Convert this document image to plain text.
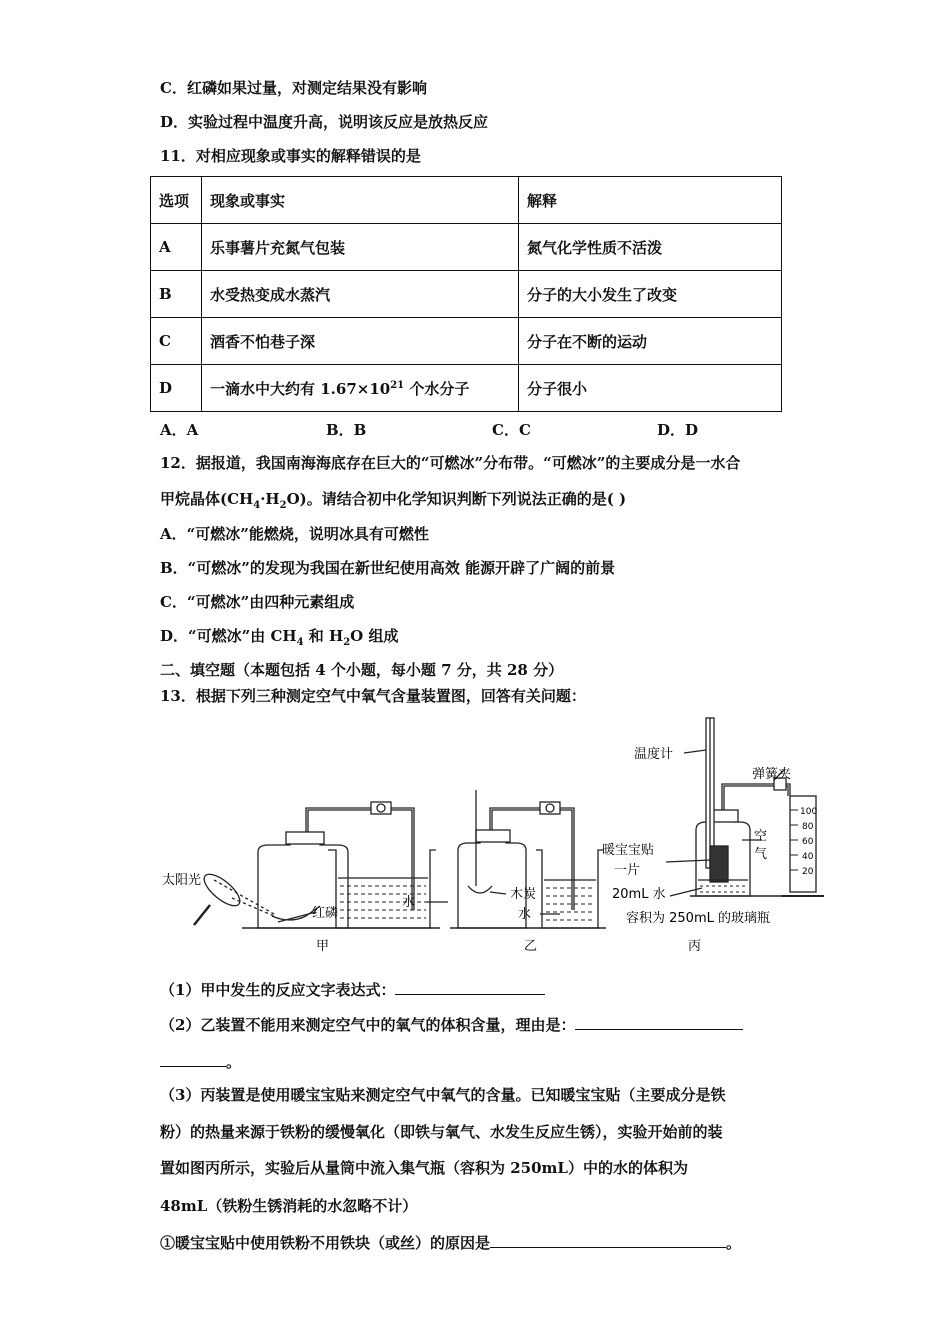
C．红磷如果过量，对测定结果没有影响
D．实验过程中温度升高，说明该反应是放热反应
11．对相应现象或事实的解释错误的是
选项	现象或事实	解释
A	乐事薯片充氮气包装	氮气化学性质不活泼
B	水受热变成水蒸汽	分子的大小发生了改变
C	酒香不怕巷子深	分子在不断的运动
D	一滴水中大约有 $1.67\times 10^{21}$ 个水分子	分子很小
A．A	B．B	C．C	D．D
12．据报道，我国南海海底存在巨大的“可燃冰”分布带。“可燃冰”的主要成分是一水合
甲烷晶体$(CH_4\cdot H_2O)$。请结合初中化学知识判断下列说法正确的是( )
A．“可燃冰”能燃烧，说明冰具有可燃性
B．“可燃冰”的发现为我国在新世纪使用高效 能源开辟了广阔的前景
C．“可燃冰”由四种元素组成
D．“可燃冰”由 $CH_4$ 和 $H_2O$ 组成
二、填空题（本题包括 4 个小题，每小题 7 分，共 28 分）
13．根据下列三种测定空气中氧气含量装置图，回答有关问题：
太阳光
红磷
水
甲
木炭
水
乙
温度计
弹簧夹
暖宝宝贴
一片
空
气
20mL 水
容积为 250mL 的玻璃瓶
丙
100
80
60
40
20
（1）甲中发生的反应文字表达式：
（2）乙装置不能用来测定空气中的氧气的体积含量，理由是：
。
（3）丙装置是使用暖宝宝贴来测定空气中氧气的含量。已知暖宝宝贴（主要成分是铁
粉）的热量来源于铁粉的缓慢氧化（即铁与氧气、水发生反应生锈），实验开始前的装
置如图丙所示，实验后从量筒中流入集气瓶（容积为 250mL）中的水的体积为
48mL（铁粉生锈消耗的水忽略不计）
①暖宝宝贴中使用铁粉不用铁块（或丝）的原因是	。
